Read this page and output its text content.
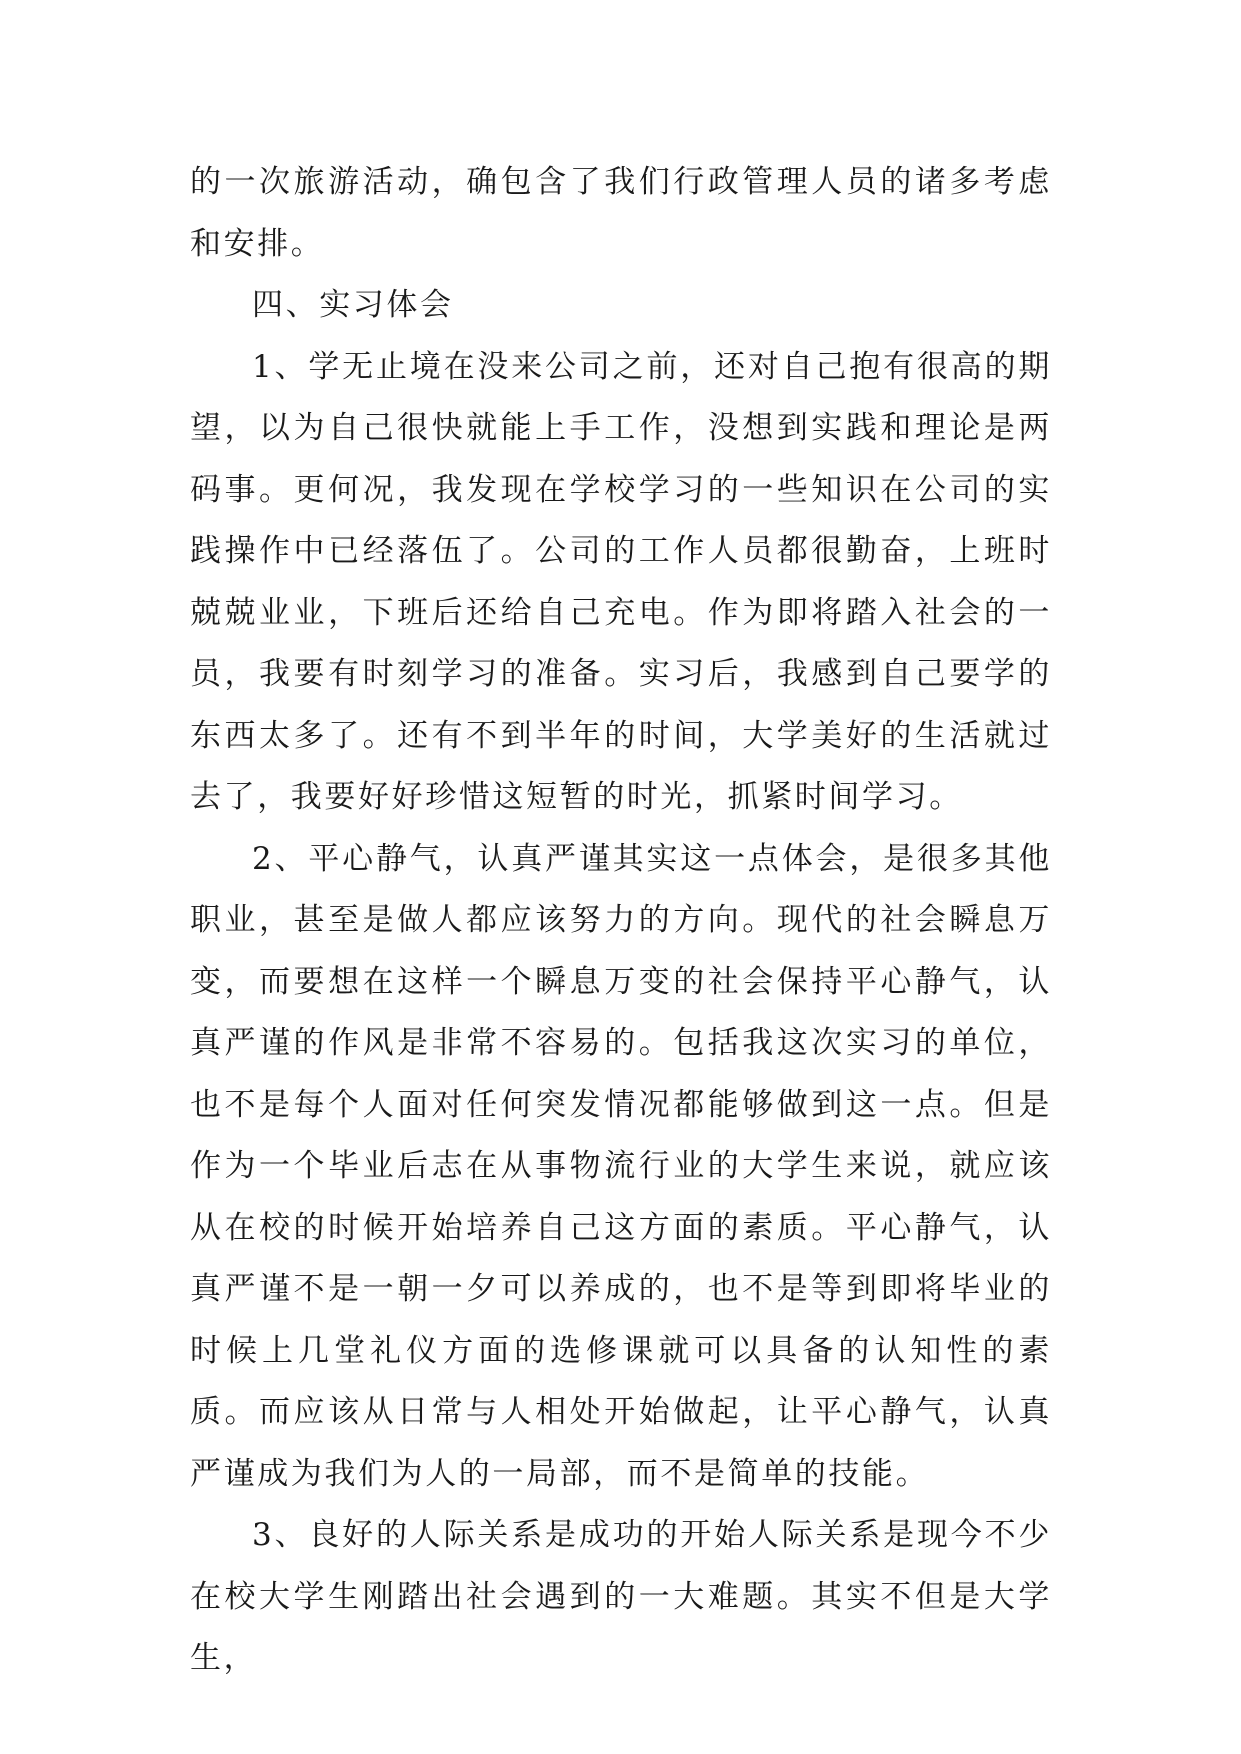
的一次旅游活动，确包含了我们行政管理人员的诸多考虑和安排。

四、实习体会

1、学无止境在没来公司之前，还对自己抱有很高的期望，以为自己很快就能上手工作，没想到实践和理论是两码事。更何况，我发现在学校学习的一些知识在公司的实践操作中已经落伍了。公司的工作人员都很勤奋，上班时兢兢业业，下班后还给自己充电。作为即将踏入社会的一员，我要有时刻学习的准备。实习后，我感到自己要学的东西太多了。还有不到半年的时间，大学美好的生活就过去了，我要好好珍惜这短暂的时光，抓紧时间学习。

2、平心静气，认真严谨其实这一点体会，是很多其他职业，甚至是做人都应该努力的方向。现代的社会瞬息万变，而要想在这样一个瞬息万变的社会保持平心静气，认真严谨的作风是非常不容易的。包括我这次实习的单位，也不是每个人面对任何突发情况都能够做到这一点。但是作为一个毕业后志在从事物流行业的大学生来说，就应该从在校的时候开始培养自己这方面的素质。平心静气，认真严谨不是一朝一夕可以养成的，也不是等到即将毕业的时候上几堂礼仪方面的选修课就可以具备的认知性的素质。而应该从日常与人相处开始做起，让平心静气，认真严谨成为我们为人的一局部，而不是简单的技能。

3、良好的人际关系是成功的开始人际关系是现今不少在校大学生刚踏出社会遇到的一大难题。其实不但是大学生，
